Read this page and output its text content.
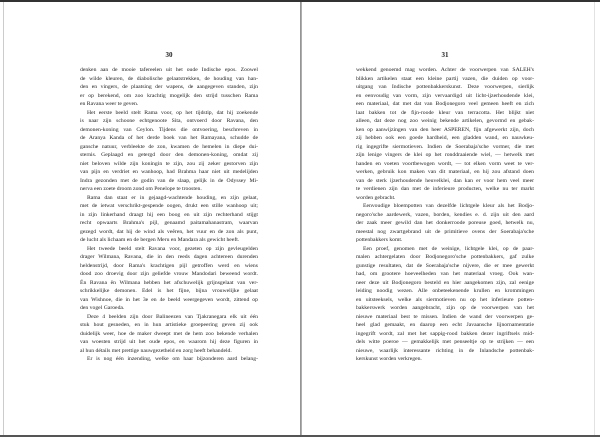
30
denken aan de mooie tafereelen uit het oude Indische epos. Zoowel
de wilde kleuren, de diabolische gelaatstrekken, de houding van han-
den en vingers, de plaatsing der wapens, de aangegeven standen, zijn
er op berekend, om zoo krachtig mogelijk den strijd tusschen Rama
en Ravana weer te geven.
Het eerste beeld stelt Rama voor, op het tijdstip, dat hij zoekende
is naar zijn schoone echtgenoote Sita, ontvoerd door Ravana, den
demonen-koning van Ceylon. Tijdens die ontvoering, beschreven in
de Aranya Kanda of het derde boek van het Ramayana, schudde de
gansche natuur, verbleekte de zon, kwamen de hemelen in diepe dui-
sternis. Geplaagd en getergd door den demonen-koning, omdat zij
niet beloven wilde zijn koningin te zijn, zou zij zeker gestorven zijn
van pijn en verdriet en wanhoop, had Brahma haar niet uit medelijden
Indra gezonden met de godin van de slaap, gelijk in de Odyssey Mi-
nerva een zoete droom zond om Penelope te troosten.
Rama dan staat er in gejaagd-wachtende houding, en zijn gelaat,
met de ietwat verschrikt-gespende oogen, drukt een stille wanhoop uit;
in zijn linkerhand draagt hij een boog en uit zijn rechterhand stijgt
recht opwaarts Brahma's pijl, genaamd paitamahanastram, waarvan
gezegd wordt, dat hij de wind als veêren, het vuur en de zon als punt,
de lucht als lichaam en de bergen Meru en Mandara als gewicht heeft.
Het tweede beeld stelt Ravana voor, gezeten op zijn gevleugelden
drager Wilmana, Ravana, die in den reeds dagen achtereen durenden
heldenstrijd, door Rama's krachtigen pijl getroffen werd en wiens
dood zoo droevig door zijn geliefde vrouw Mandodari beweend wordt.
Én Ravana ên Wilmana hebben het afschuwelijk grijnsgelaat van ver-
schrikkelijke demonen. Edel is het fijne, bijna vrouwelijke gelaat
van Wishnoe, die in het 3e en 4e beeld weergegeven wordt, zittend op
den vogel Garoeda.
Deze 4 beelden zijn door Balineezen van Tjakranegara elk uit één
stuk hout gesneden, en in hun artistieke groepeering geven zij ook
duidelijk weer, hoe de maker dweept met de hem zoo bekende verhalen
van woesten strijd uit het oude epos, en waarom hij deze figuren in
al hun détails met prettige nauwgezetheid en zorg heeft behandeld.
Er is nog één inzending, welke om haar bijzonderen aard belang-
31
wekkend genoemd mag worden. Achter de voorwerpen van SALEH's
blikken artikelen staat een kleine partij vazen, die duiden op voor-
uitgang van Indische pottenbakkerskunst. Deze voorwerpen, sierlijk
en eenvoudig van vorm, zijn vervaardigd uit licht-ijzerhoudende klei,
een materiaal, dat met dat van Bodjonegoro veel gemeen heeft en zich
laat bakken tot de fijn-roode kleur van terracotta. Het blijkt niet
alleen, dat deze nog zoo weinig bekende artikelen, gevormd en gebak-
ken op aanwijzingen van den heer ASPEREN, fijn afgewerkt zijn, doch
zij hebben ook een goede hardheid, een gladden wand, en nauwkeu-
rig ingegrifte siermotieven. Indien de Soerabaja'sche vormer, die met
zijn lenige vingers de klei op het ronddraaiende wiel, — hetwelk met
handen en voeten voortbewogen wordt, — tot elken vorm weet te ver-
werken, gebruik kon maken van dit materiaal, en hij zou afstand doen
van de sterk ijzerhoudende heuvelklei, dan kan er voor hem veel meer
te verdienen zijn dan met de inferieure producten, welke nu ter markt
worden gebracht.
Eenvoudige bloempotten van dezelfde lichtgele kleur als het Bodjo-
negoro'sche aardewerk, vazen, borden, kendies e. d. zijn uit den aard
der zaak meer gewild dan het donkerroode poreuse goed, hetwelk nu,
meestal nog zwartgebrand uit de primitieve ovens der Soerabaja'sche
pottenbakkers komt.
Een proef, genomen met de weinige, lichtgele klei, op de paar-
malen achtergelaten door Bodjonegoro'sche pottenbakkers, gaf zulke
gunstige resultaten, dat de Soerabaja'sche nijvere, die er mee gewerkt
had, om grootere hoeveelheden van het materiaal vroeg. Ook wan-
neer deze uit Bodjonegoro besteld en hier aangekomen zijn, zal eenige
leiding noodig wezen. Alle onbeteekenende krullen en krommingen
en uitsteeksels, welke als siermotieven nu op het inferieure potten-
bakkerswerk worden aangebracht, zijn op de voorwerpen van het
nieuwe materiaal best te missen. Indien de wand der voorwerpen ge-
heel glad gemaakt, en daarop een echt Javaansche lijnornamentatie
ingegrift wordt, zal met het sappig-rood bakken dezer ingriftsels mid-
dels witte poeroe — gemakkelijk met penseeltje op te strijken — een
nieuwe, waarlijk interessante richting in de Inlandsche pottenbak-
kerskunst worden verkregen.
